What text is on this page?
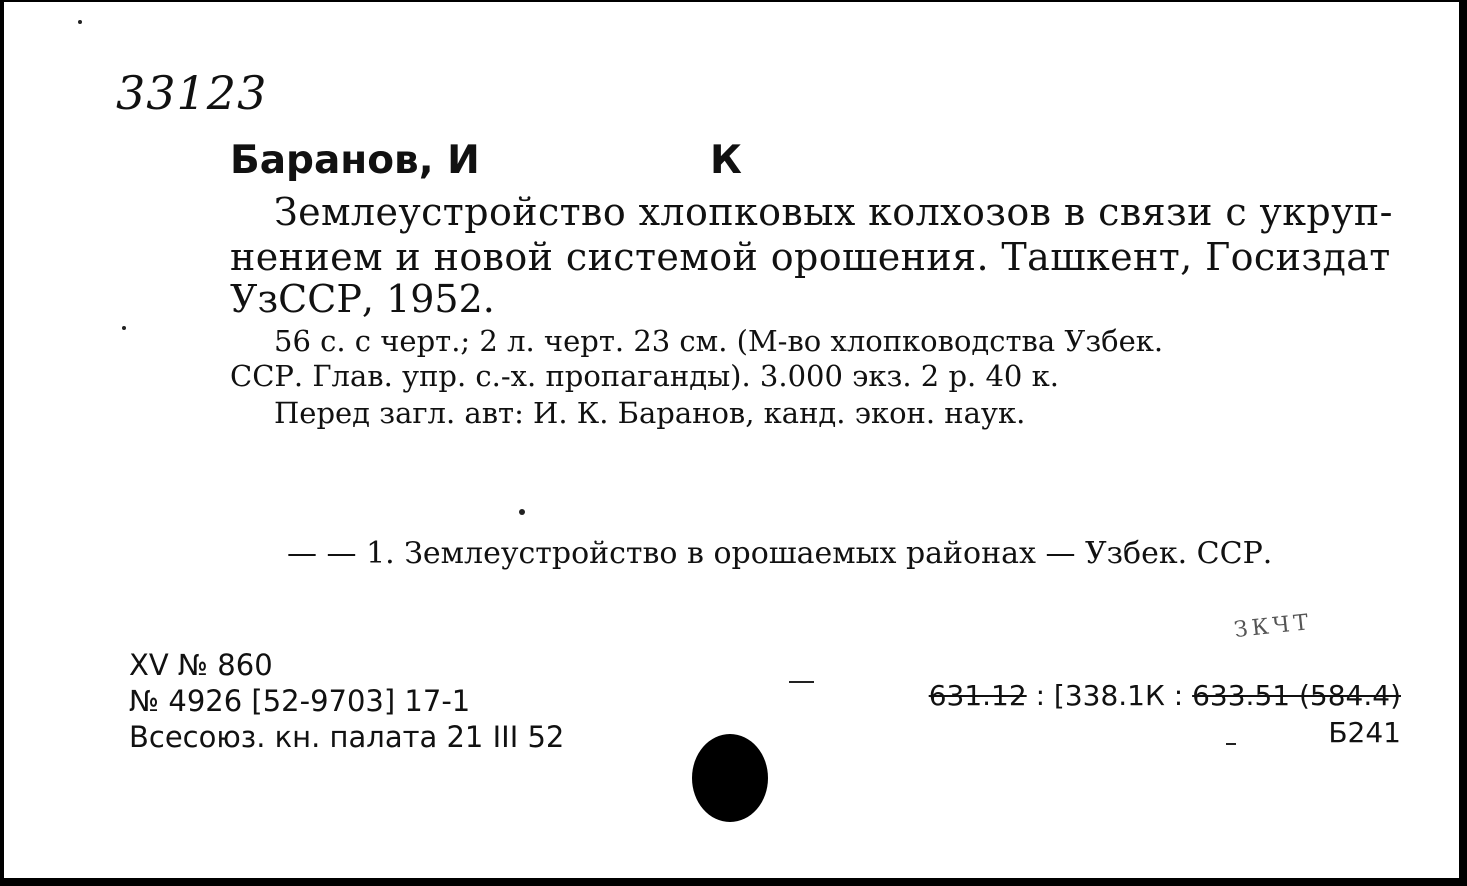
33123
Баранов, И	К
Землеустройство хлопковых колхозов в связи с укруп-
нением и новой системой орошения. Ташкент, Госиздат
УзССР, 1952.
56 с. с черт.; 2 л. черт. 23 см. (М-во хлопководства Узбек.
ССР. Глав. упр. с.-х. пропаганды). 3.000 экз. 2 р. 40 к.
Перед загл. авт: И. К. Баранов, канд. экон. наук.
— — 1. Землеустройство в орошаемых районах — Узбек. ССР.
XV № 860
№ 4926 [52-9703] 17-1
Всесоюз. кн. палата 21 III 52
ЗКЧТ
631.12 : [338.1К : 633.51 (584.4)
Б241
